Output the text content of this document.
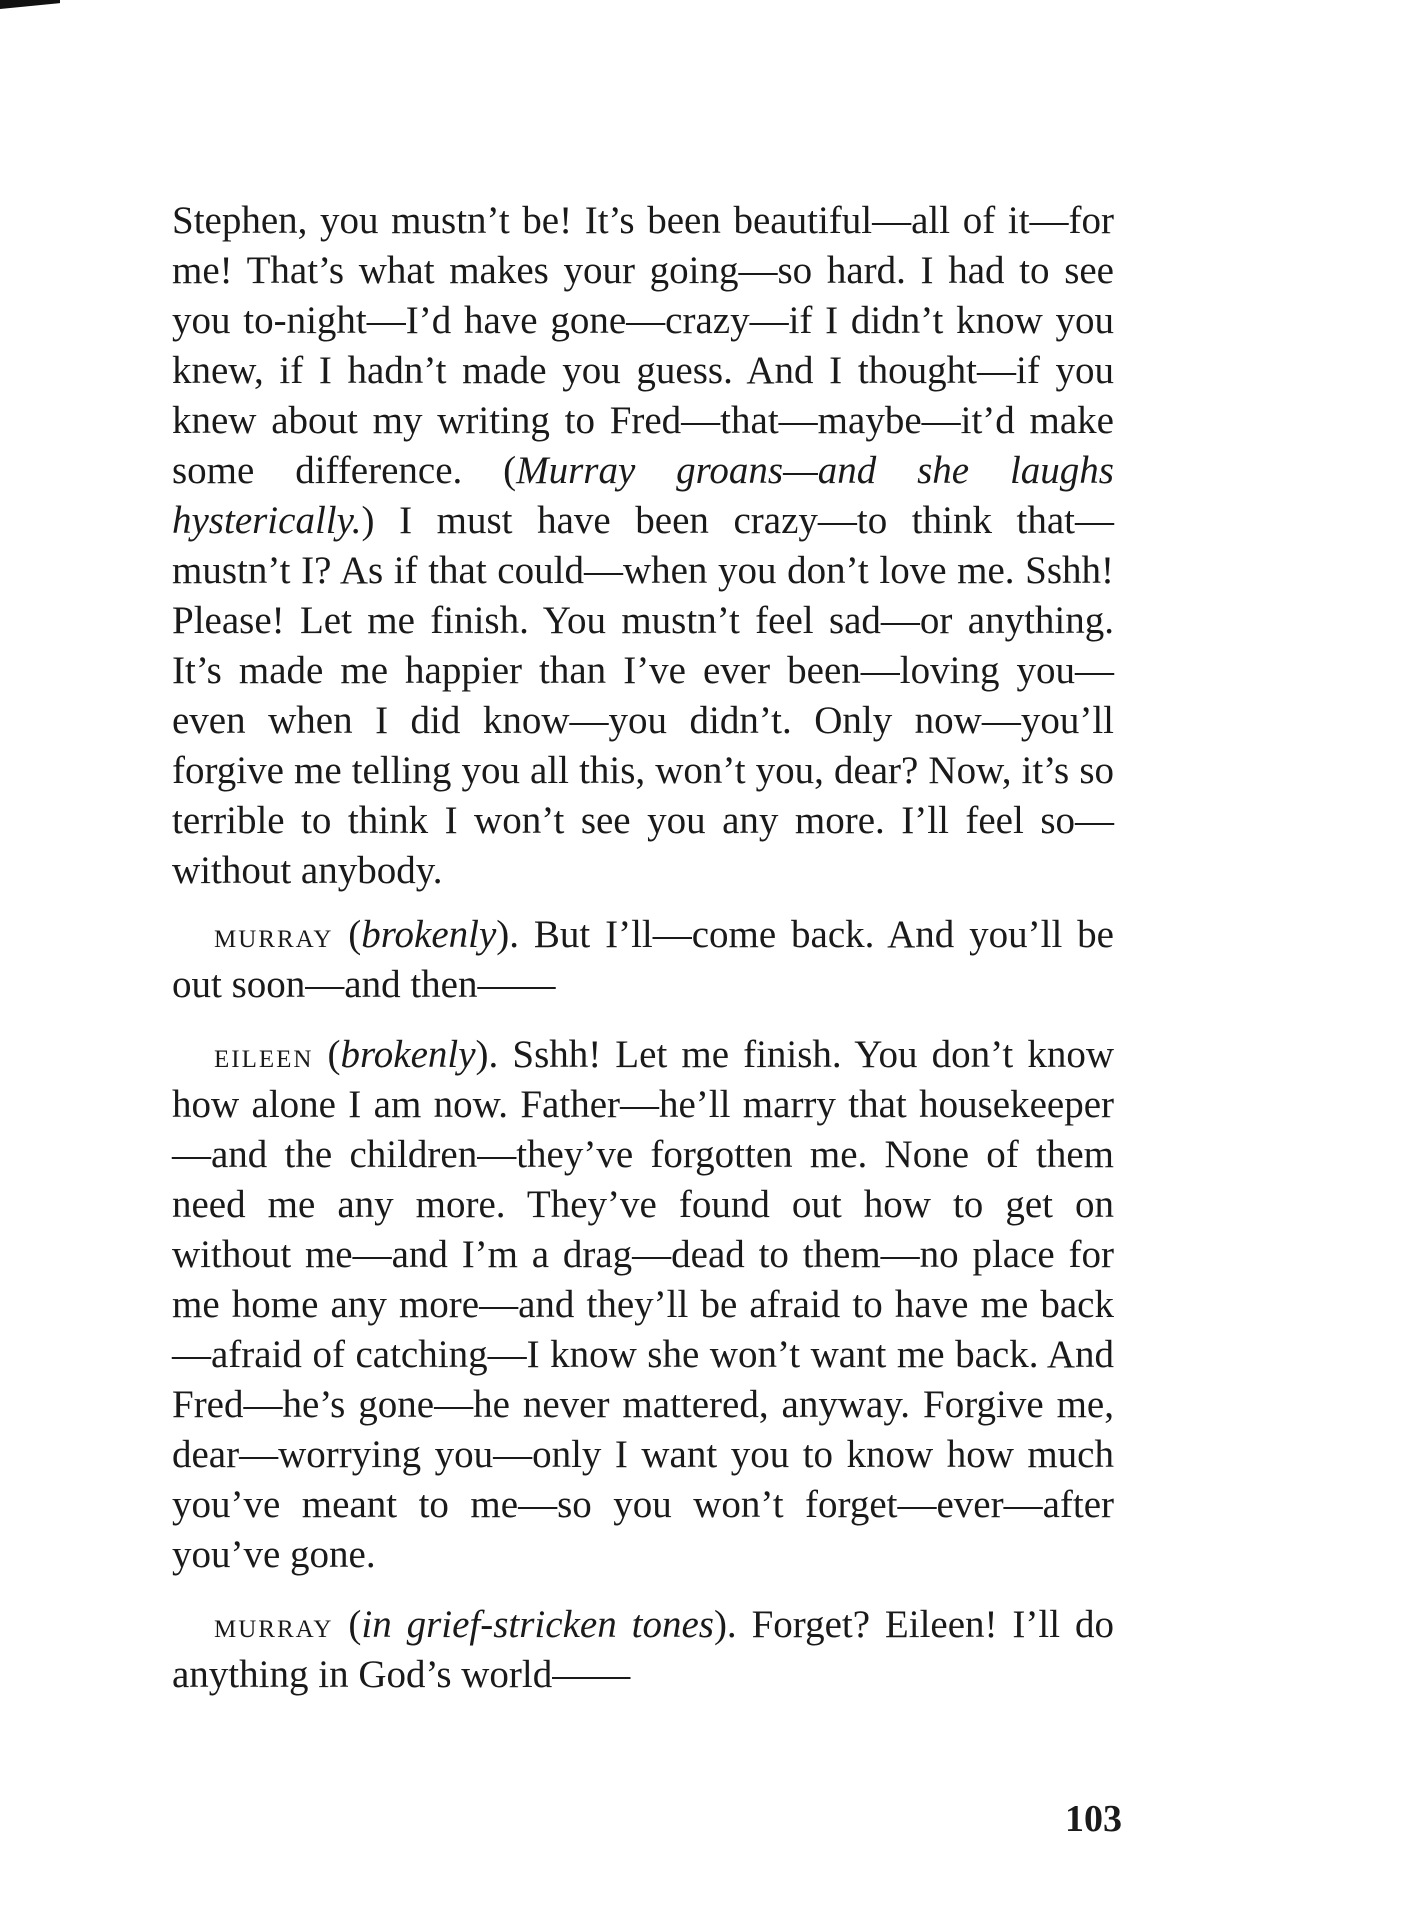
Stephen, you mustn’t be! It’s been beautiful—all of it—for me! That’s what makes your going—so hard. I had to see you to-night—I’d have gone—crazy—if I didn’t know you knew, if I hadn’t made you guess. And I thought—if you knew about my writing to Fred—that—maybe—it’d make some difference. (Murray groans—and she laughs hysterically.) I must have been crazy—to think that—mustn’t I? As if that could—when you don’t love me. Sshh! Please! Let me finish. You mustn’t feel sad—or anything. It’s made me happier than I’ve ever been—loving you—even when I did know—you didn’t. Only now—you’ll forgive me telling you all this, won’t you, dear? Now, it’s so terrible to think I won’t see you any more. I’ll feel so—without anybody.

murray (brokenly). But I’ll—come back. And you’ll be out soon—and then——

eileen (brokenly). Sshh! Let me finish. You don’t know how alone I am now. Father—he’ll marry that housekeeper—and the children—they’ve forgotten me. None of them need me any more. They’ve found out how to get on without me—and I’m a drag—dead to them—no place for me home any more—and they’ll be afraid to have me back—afraid of catching—I know she won’t want me back. And Fred—he’s gone—he never mattered, anyway. Forgive me, dear—worrying you—only I want you to know how much you’ve meant to me—so you won’t forget—ever—after you’ve gone.

murray (in grief-stricken tones). Forget? Eileen! I’ll do anything in God’s world——

103
